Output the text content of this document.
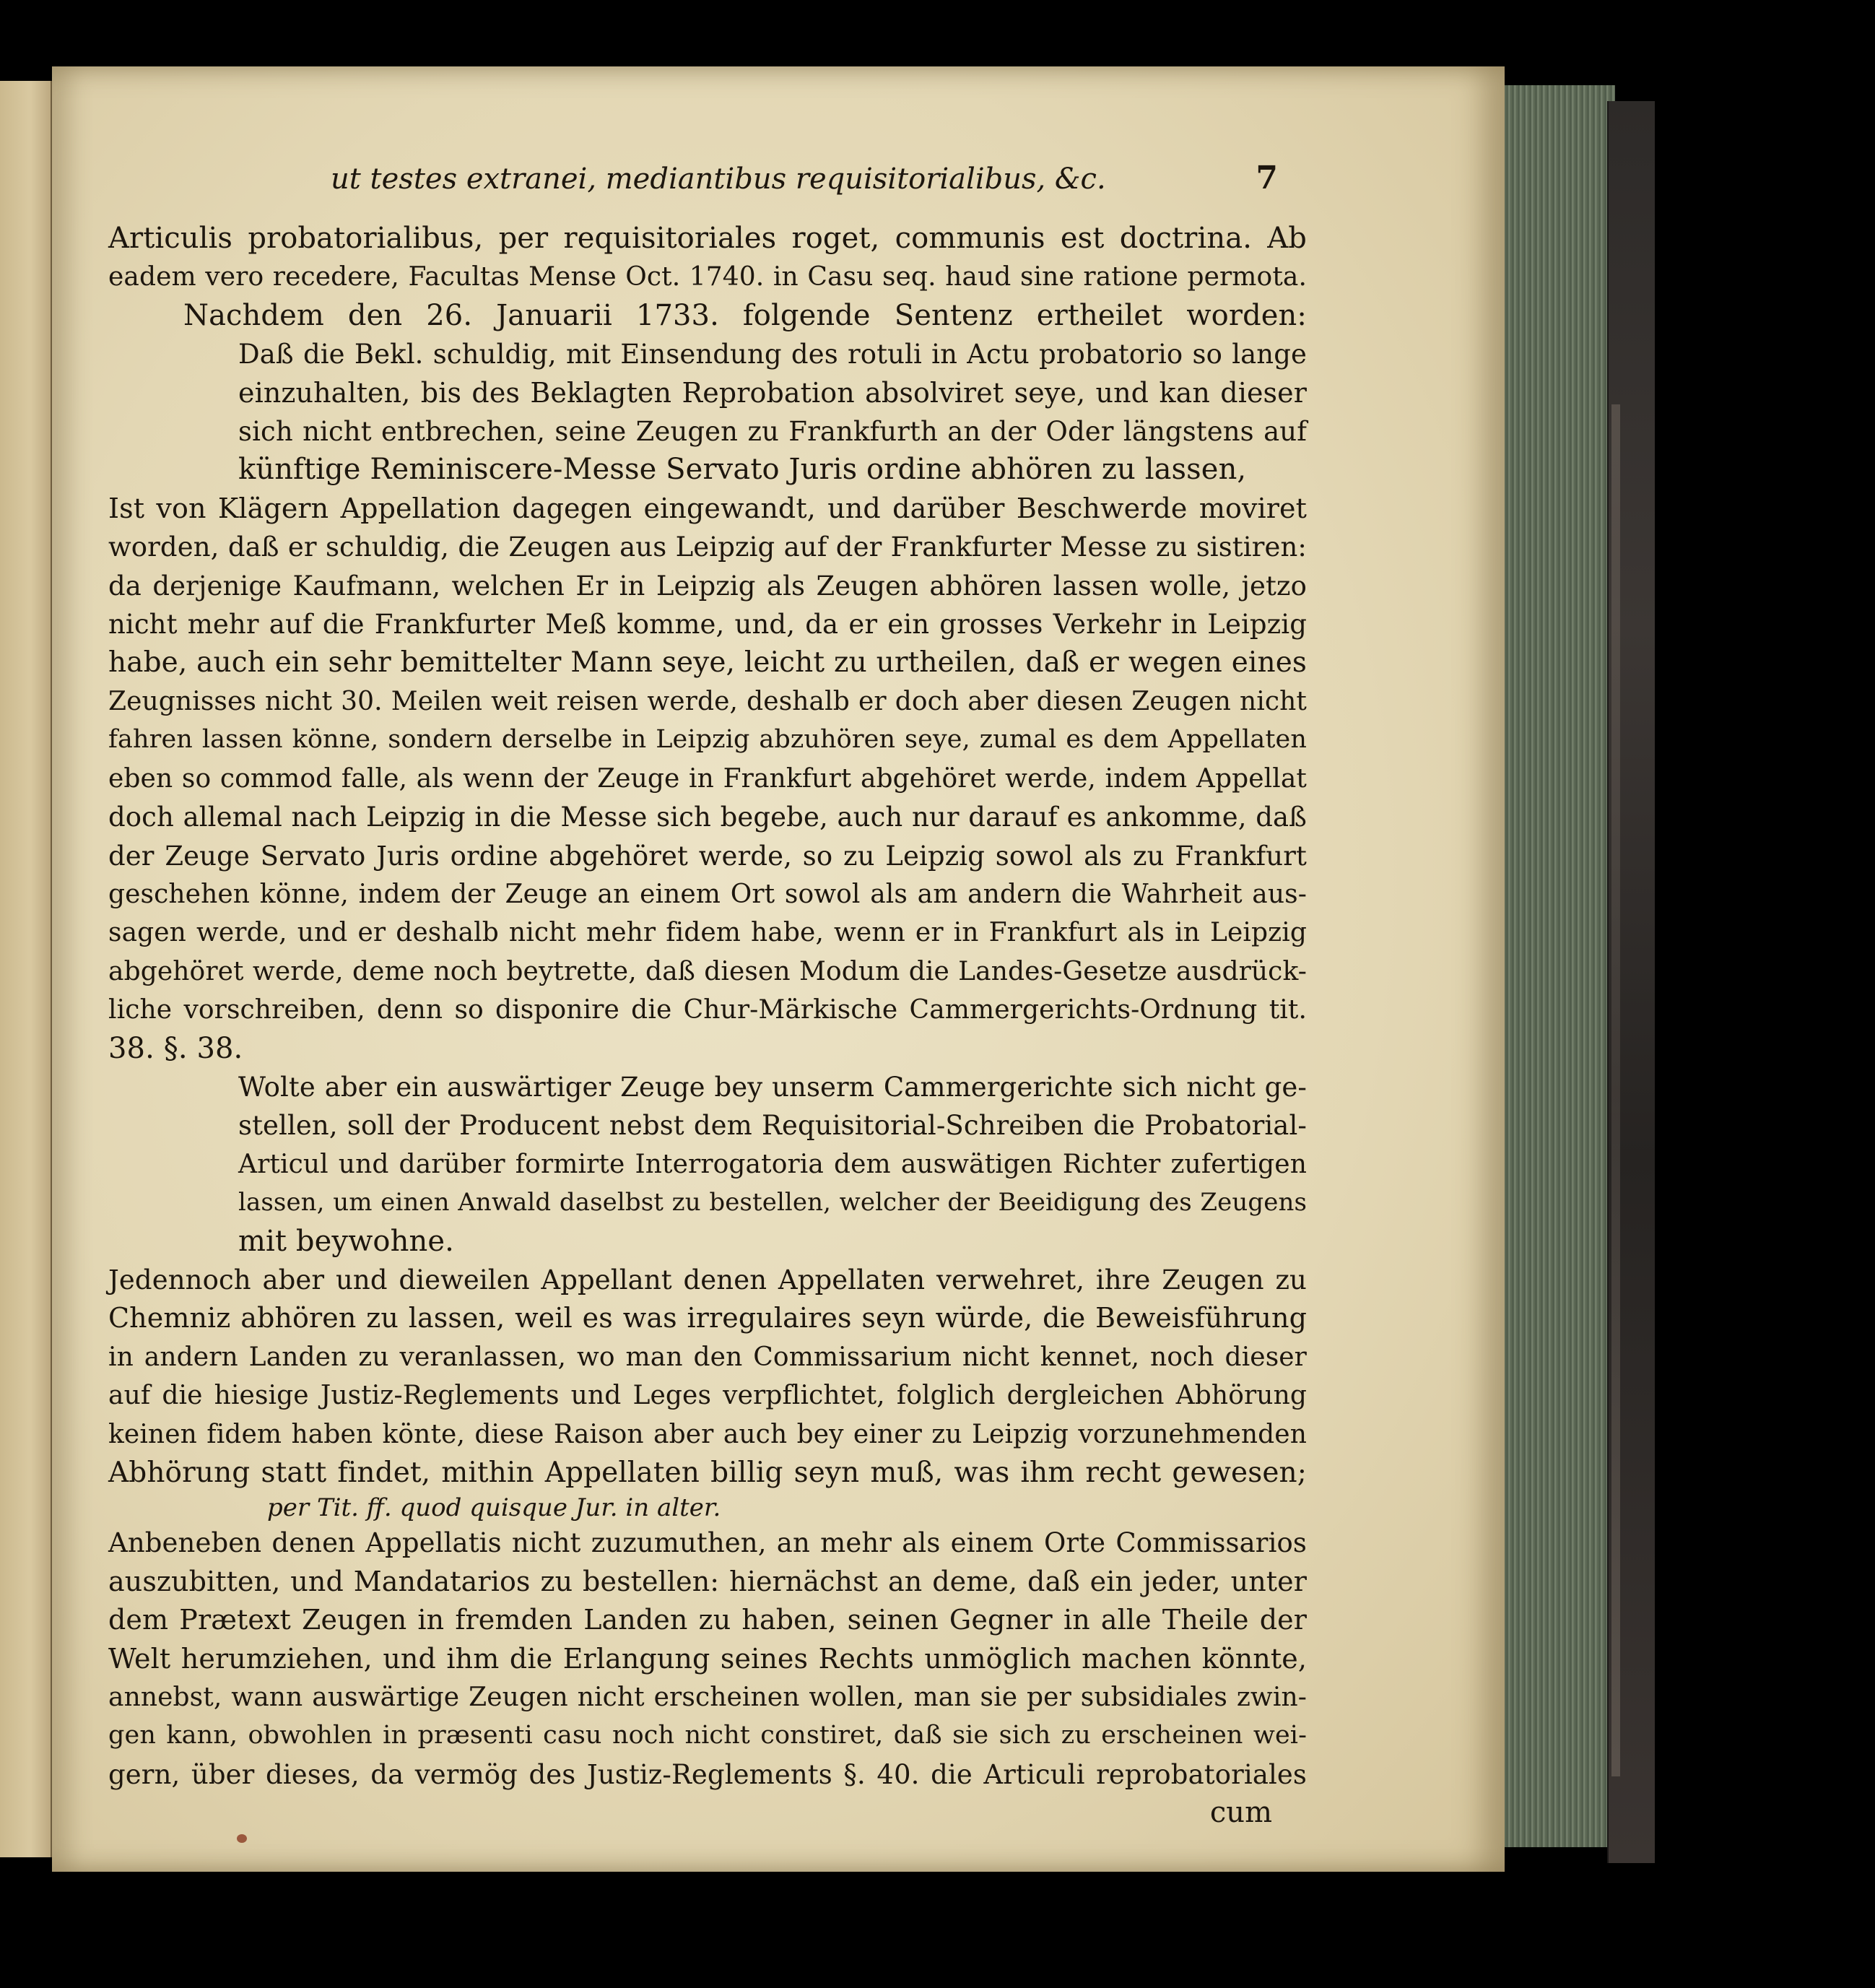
ut testes extranei, mediantibus requisitorialibus, &c.	7
Articulis probatorialibus, per requisitoriales roget, communis est doctrina. Ab
eadem vero recedere, Facultas Mense Oct. 1740. in Casu seq. haud sine ratione permota.
Nachdem den 26. Januarii 1733. folgende Sentenz ertheilet worden:
Daß die Bekl. schuldig, mit Einsendung des rotuli in Actu probatorio so lange
einzuhalten, bis des Beklagten Reprobation absolviret seye, und kan dieser
sich nicht entbrechen, seine Zeugen zu Frankfurth an der Oder längstens auf
künftige Reminiscere-Messe Servato Juris ordine abhören zu lassen,
Ist von Klägern Appellation dagegen eingewandt, und darüber Beschwerde moviret
worden, daß er schuldig, die Zeugen aus Leipzig auf der Frankfurter Messe zu sistiren:
da derjenige Kaufmann, welchen Er in Leipzig als Zeugen abhören lassen wolle, jetzo
nicht mehr auf die Frankfurter Meß komme, und, da er ein grosses Verkehr in Leipzig
habe, auch ein sehr bemittelter Mann seye, leicht zu urtheilen, daß er wegen eines
Zeugnisses nicht 30. Meilen weit reisen werde, deshalb er doch aber diesen Zeugen nicht
fahren lassen könne, sondern derselbe in Leipzig abzuhören seye, zumal es dem Appellaten
eben so commod falle, als wenn der Zeuge in Frankfurt abgehöret werde, indem Appellat
doch allemal nach Leipzig in die Messe sich begebe, auch nur darauf es ankomme, daß
der Zeuge Servato Juris ordine abgehöret werde, so zu Leipzig sowol als zu Frankfurt
geschehen könne, indem der Zeuge an einem Ort sowol als am andern die Wahrheit aus-
sagen werde, und er deshalb nicht mehr fidem habe, wenn er in Frankfurt als in Leipzig
abgehöret werde, deme noch beytrette, daß diesen Modum die Landes-Gesetze ausdrück-
liche vorschreiben, denn so disponire die Chur-Märkische Cammergerichts-Ordnung tit.
38. §. 38.
Wolte aber ein auswärtiger Zeuge bey unserm Cammergerichte sich nicht ge-
stellen, soll der Producent nebst dem Requisitorial-Schreiben die Probatorial-
Articul und darüber formirte Interrogatoria dem auswätigen Richter zufertigen
lassen, um einen Anwald daselbst zu bestellen, welcher der Beeidigung des Zeugens
mit beywohne.
Jedennoch aber und dieweilen Appellant denen Appellaten verwehret, ihre Zeugen zu
Chemniz abhören zu lassen, weil es was irregulaires seyn würde, die Beweisführung
in andern Landen zu veranlassen, wo man den Commissarium nicht kennet, noch dieser
auf die hiesige Justiz-Reglements und Leges verpflichtet, folglich dergleichen Abhörung
keinen fidem haben könte, diese Raison aber auch bey einer zu Leipzig vorzunehmenden
Abhörung statt findet, mithin Appellaten billig seyn muß, was ihm recht gewesen;
per Tit. ff. quod quisque Jur. in alter.
Anbeneben denen Appellatis nicht zuzumuthen, an mehr als einem Orte Commissarios
auszubitten, und Mandatarios zu bestellen: hiernächst an deme, daß ein jeder, unter
dem Prætext Zeugen in fremden Landen zu haben, seinen Gegner in alle Theile der
Welt herumziehen, und ihm die Erlangung seines Rechts unmöglich machen könnte,
annebst, wann auswärtige Zeugen nicht erscheinen wollen, man sie per subsidiales zwin-
gen kann, obwohlen in præsenti casu noch nicht constiret, daß sie sich zu erscheinen wei-
gern, über dieses, da vermög des Justiz-Reglements §. 40. die Articuli reprobatoriales
cum
